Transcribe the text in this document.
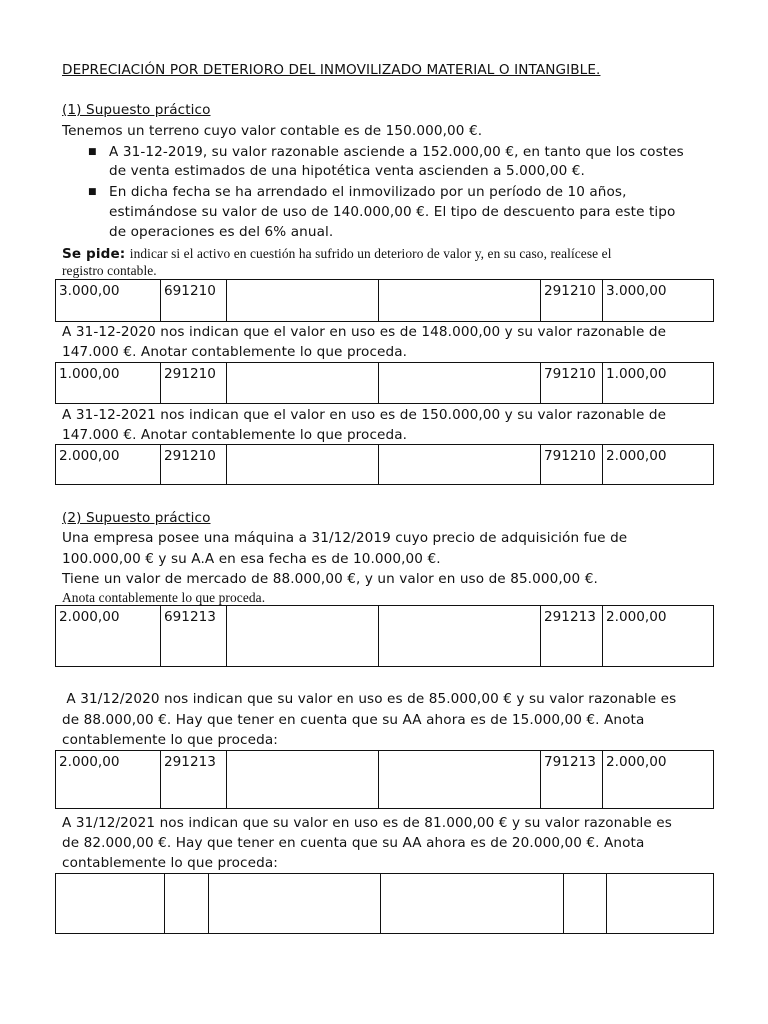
DEPRECIACIÓN POR DETERIORO DEL INMOVILIZADO MATERIAL O INTANGIBLE.
(1) Supuesto práctico
Tenemos un terreno cuyo valor contable es de 150.000,00 €.
■ A 31-12-2019, su valor razonable asciende a 152.000,00 €, en tanto que los costes
de venta estimados de una hipotética venta ascienden a 5.000,00 €.
■ En dicha fecha se ha arrendado el inmovilizado por un período de 10 años,
estimándose su valor de uso de 140.000,00 €. El tipo de descuento para este tipo
de operaciones es del 6% anual.
Se pide: indicar si el activo en cuestión ha sufrido un deterioro de valor y, en su caso, realícese el
registro contable.
3.000,00	691210			291210	3.000,00
A 31-12-2020 nos indican que el valor en uso es de 148.000,00 y su valor razonable de
147.000 €. Anotar contablemente lo que proceda.
1.000,00	291210			791210	1.000,00
A 31-12-2021 nos indican que el valor en uso es de 150.000,00 y su valor razonable de
147.000 €. Anotar contablemente lo que proceda.
2.000,00	291210			791210	2.000,00
(2) Supuesto práctico
Una empresa posee una máquina a 31/12/2019 cuyo precio de adquisición fue de
100.000,00 € y su A.A en esa fecha es de 10.000,00 €.
Tiene un valor de mercado de 88.000,00 €, y un valor en uso de 85.000,00 €.
Anota contablemente lo que proceda.
2.000,00	691213			291213	2.000,00
A 31/12/2020 nos indican que su valor en uso es de 85.000,00 € y su valor razonable es
de 88.000,00 €. Hay que tener en cuenta que su AA ahora es de 15.000,00 €. Anota
contablemente lo que proceda:
2.000,00	291213			791213	2.000,00
A 31/12/2021 nos indican que su valor en uso es de 81.000,00 € y su valor razonable es
de 82.000,00 €. Hay que tener en cuenta que su AA ahora es de 20.000,00 €. Anota
contablemente lo que proceda:
